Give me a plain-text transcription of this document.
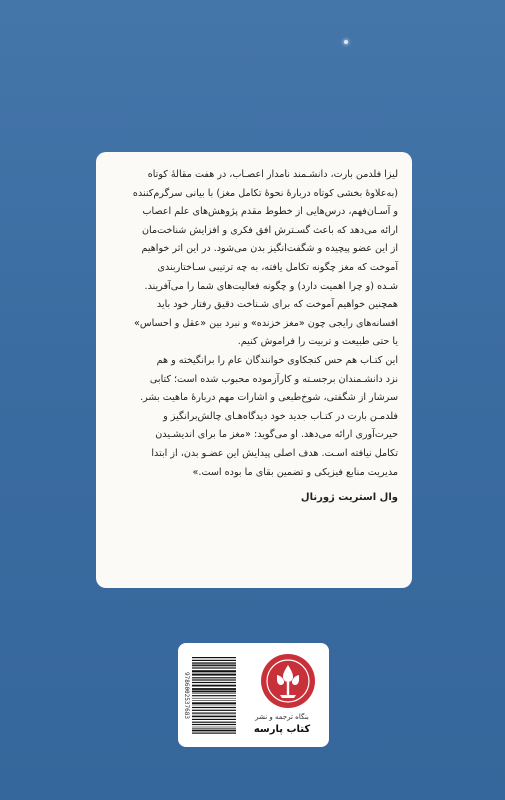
لیزا فلدمن بارت، دانشـمند نامدار اعصـاب، در هفت مقالهٔ کوتاه
(به‌علاوهٔ بخشی کوتاه دربارهٔ نحوهٔ تکامل مغز) با بیانی سرگرم‌کننده
و آسـان‌فهم، درس‌هایی از خطوط مقدم پژوهش‌های علم اعصاب
ارائه می‌دهد که باعث گسـترش افق فکری و افزایش شناخت‌مان
از این عضو پیچیده و شگفت‌انگیز بدن می‌شود. در این اثر خواهیم
آموخت که مغز چگونه تکامل یافته، به چه ترتیبی سـاختاربندی
شـده (و چرا اهمیت دارد) و چگونه فعالیت‌های شما را می‌آفریند.
همچنین خواهیم آموخت که برای شـناخت دقیق رفتار خود باید
افسانه‌های رایجی چون «مغز خزنده» و نبرد بین «عقل و احساس»
یا حتی طبیعت و تربیت را فراموش کنیم.
این کتـاب هم حس کنجکاوی خوانندگان عام را برانگیخته و هم
نزد دانشـمندان برجسـته و کارآزموده محبوب شده است؛ کتابی
سرشار از شگفتی، شوخ‌طبعی و اشارات مهم دربارهٔ ماهیت بشر.
فلدمـن بارت در کتـاب جدید خود دیدگاه‌هـای چالش‌برانگیز و
حیرت‌آوری ارائه می‌دهد. او می‌گوید: «مغز ما برای اندیشـیدن
تکامل نیافته اسـت. هدف اصلی پیدایش این عضـو بدن، از ابتدا
مدیریت منابع فیزیکی و تضمین بقای ما بوده است.»

وال استریت ژورنال
9786002537683	بنگاه ترجمه و نشر
کتاب پارسه
